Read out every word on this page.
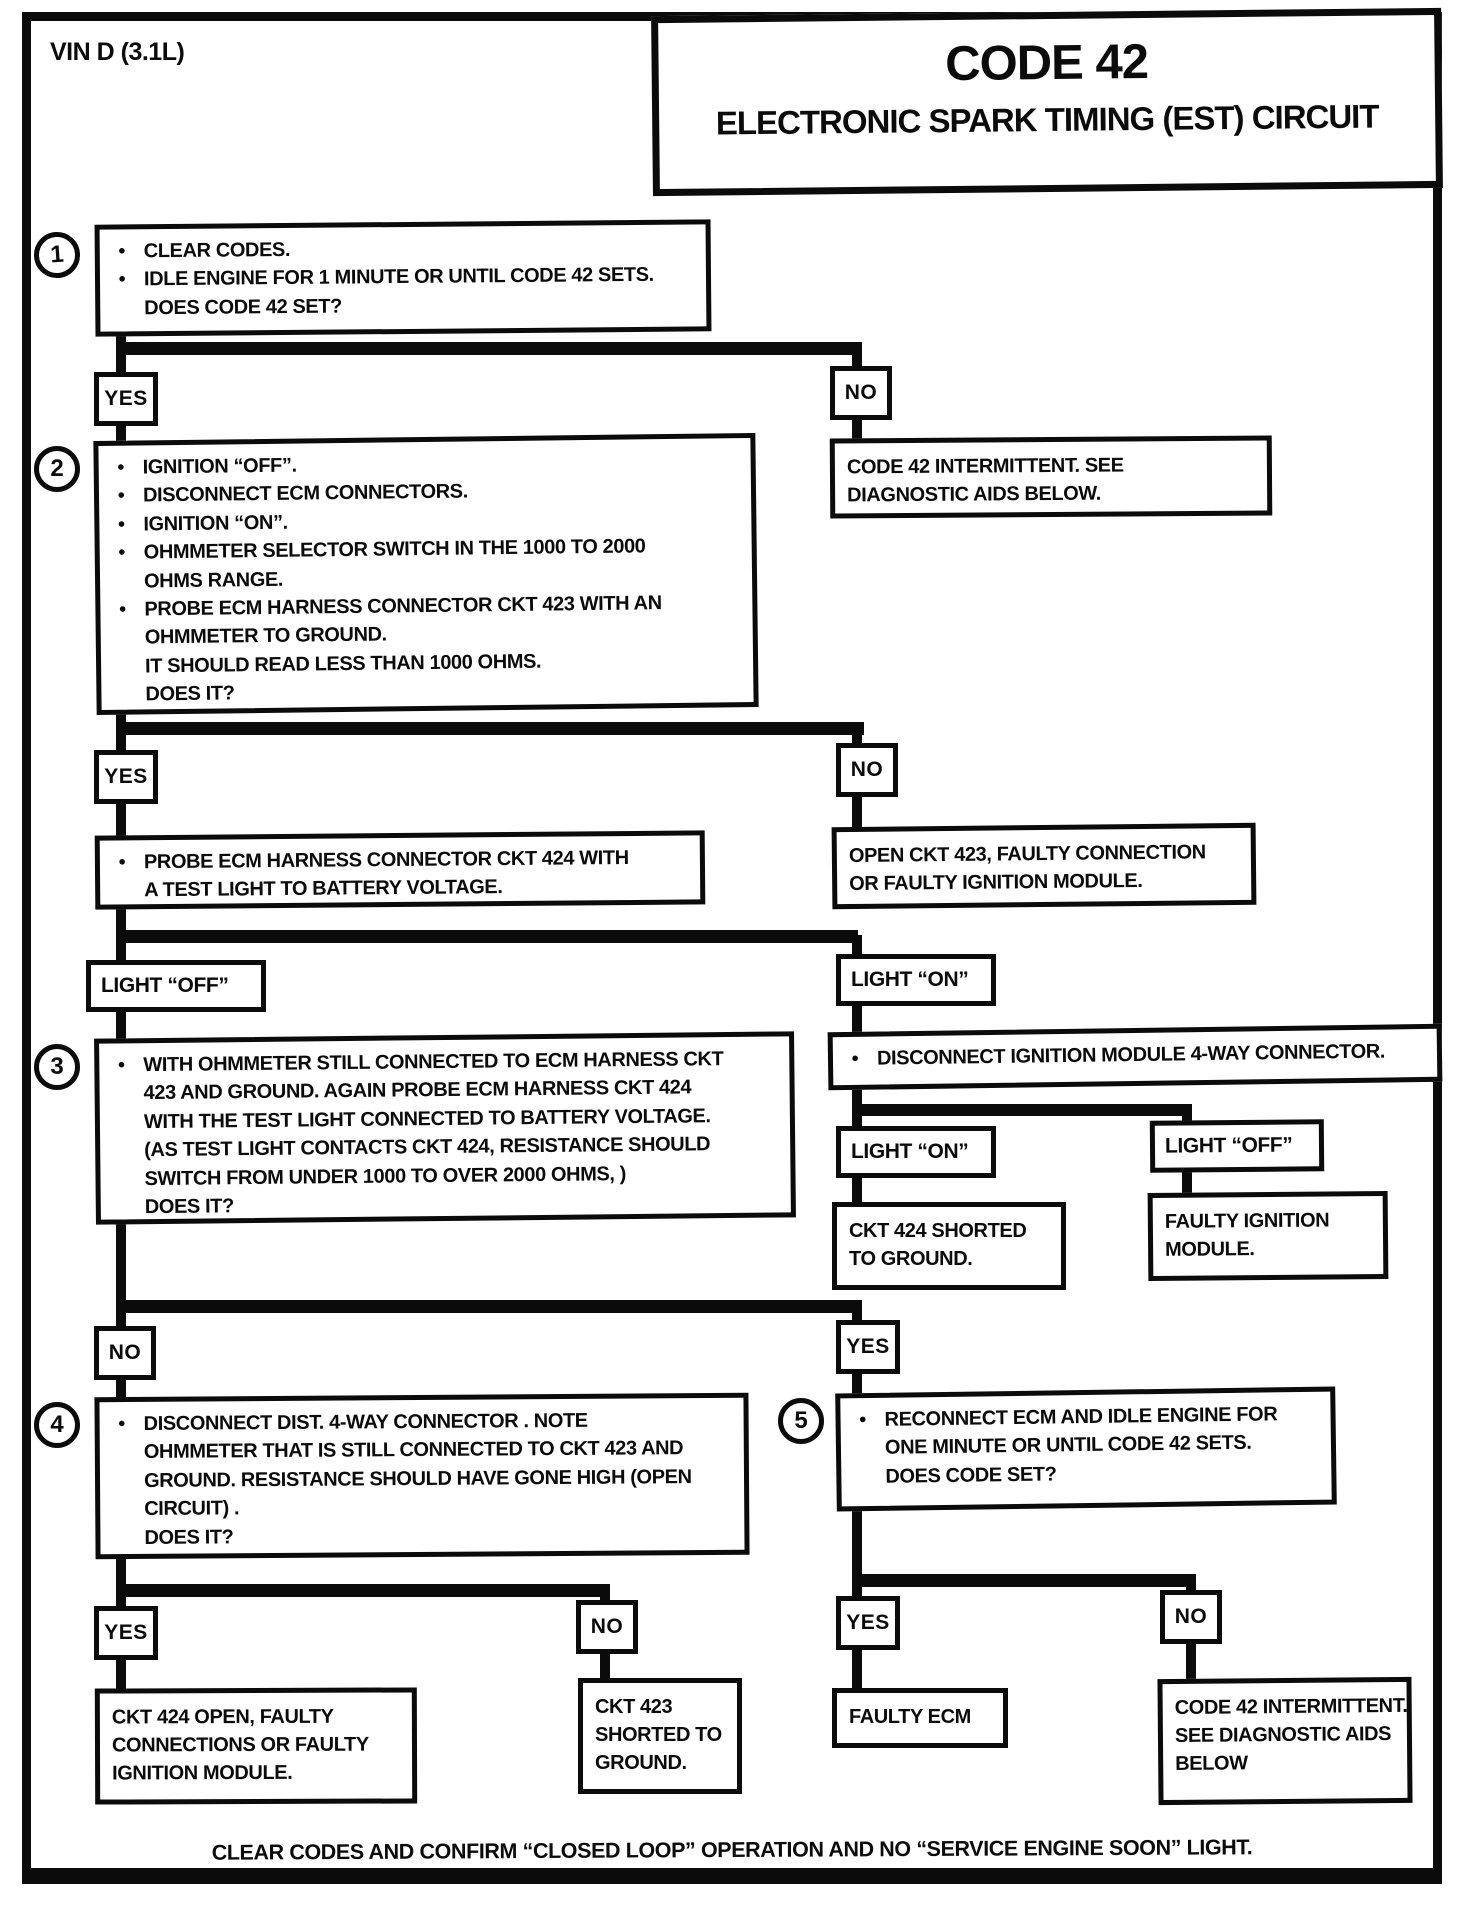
VIN D (3.1L)	CODE 42
ELECTRONIC SPARK TIMING (EST) CIRCUIT
1
2
3
4	5
● CLEAR CODES.
● IDLE ENGINE FOR 1 MINUTE OR UNTIL CODE 42 SETS.
DOES CODE 42 SET?
YES	NO
● IGNITION “OFF”.
● DISCONNECT ECM CONNECTORS.
● IGNITION “ON”.
● OHMMETER SELECTOR SWITCH IN THE 1000 TO 2000
OHMS RANGE.
● PROBE ECM HARNESS CONNECTOR CKT 423 WITH AN
OHMMETER TO GROUND.
IT SHOULD READ LESS THAN 1000 OHMS.
DOES IT?
CODE 42 INTERMITTENT. SEE
DIAGNOSTIC AIDS BELOW.
YES	NO
● PROBE ECM HARNESS CONNECTOR CKT 424 WITH
A TEST LIGHT TO BATTERY VOLTAGE.
OPEN CKT 423, FAULTY CONNECTION
OR FAULTY IGNITION MODULE.
LIGHT “OFF”	LIGHT “ON”
● WITH OHMMETER STILL CONNECTED TO ECM HARNESS CKT
423 AND GROUND. AGAIN PROBE ECM HARNESS CKT 424
WITH THE TEST LIGHT CONNECTED TO BATTERY VOLTAGE.
(AS TEST LIGHT CONTACTS CKT 424, RESISTANCE SHOULD
SWITCH FROM UNDER 1000 TO OVER 2000 OHMS, )
DOES IT?
● DISCONNECT IGNITION MODULE 4-WAY CONNECTOR.
LIGHT “ON”	LIGHT “OFF”
CKT 424 SHORTED
TO GROUND.
FAULTY IGNITION
MODULE.
NO	YES
● DISCONNECT DIST. 4-WAY CONNECTOR . NOTE
OHMMETER THAT IS STILL CONNECTED TO CKT 423 AND
GROUND. RESISTANCE SHOULD HAVE GONE HIGH (OPEN
CIRCUIT) .
DOES IT?
● RECONNECT ECM AND IDLE ENGINE FOR
ONE MINUTE OR UNTIL CODE 42 SETS.
DOES CODE SET?
YES	NO	YES	NO
CKT 424 OPEN, FAULTY
CONNECTIONS OR FAULTY
IGNITION MODULE.
CKT 423
SHORTED TO
GROUND.
FAULTY ECM	CODE 42 INTERMITTENT.
SEE DIAGNOSTIC AIDS
BELOW
CLEAR CODES AND CONFIRM “CLOSED LOOP” OPERATION AND NO “SERVICE ENGINE SOON” LIGHT.
